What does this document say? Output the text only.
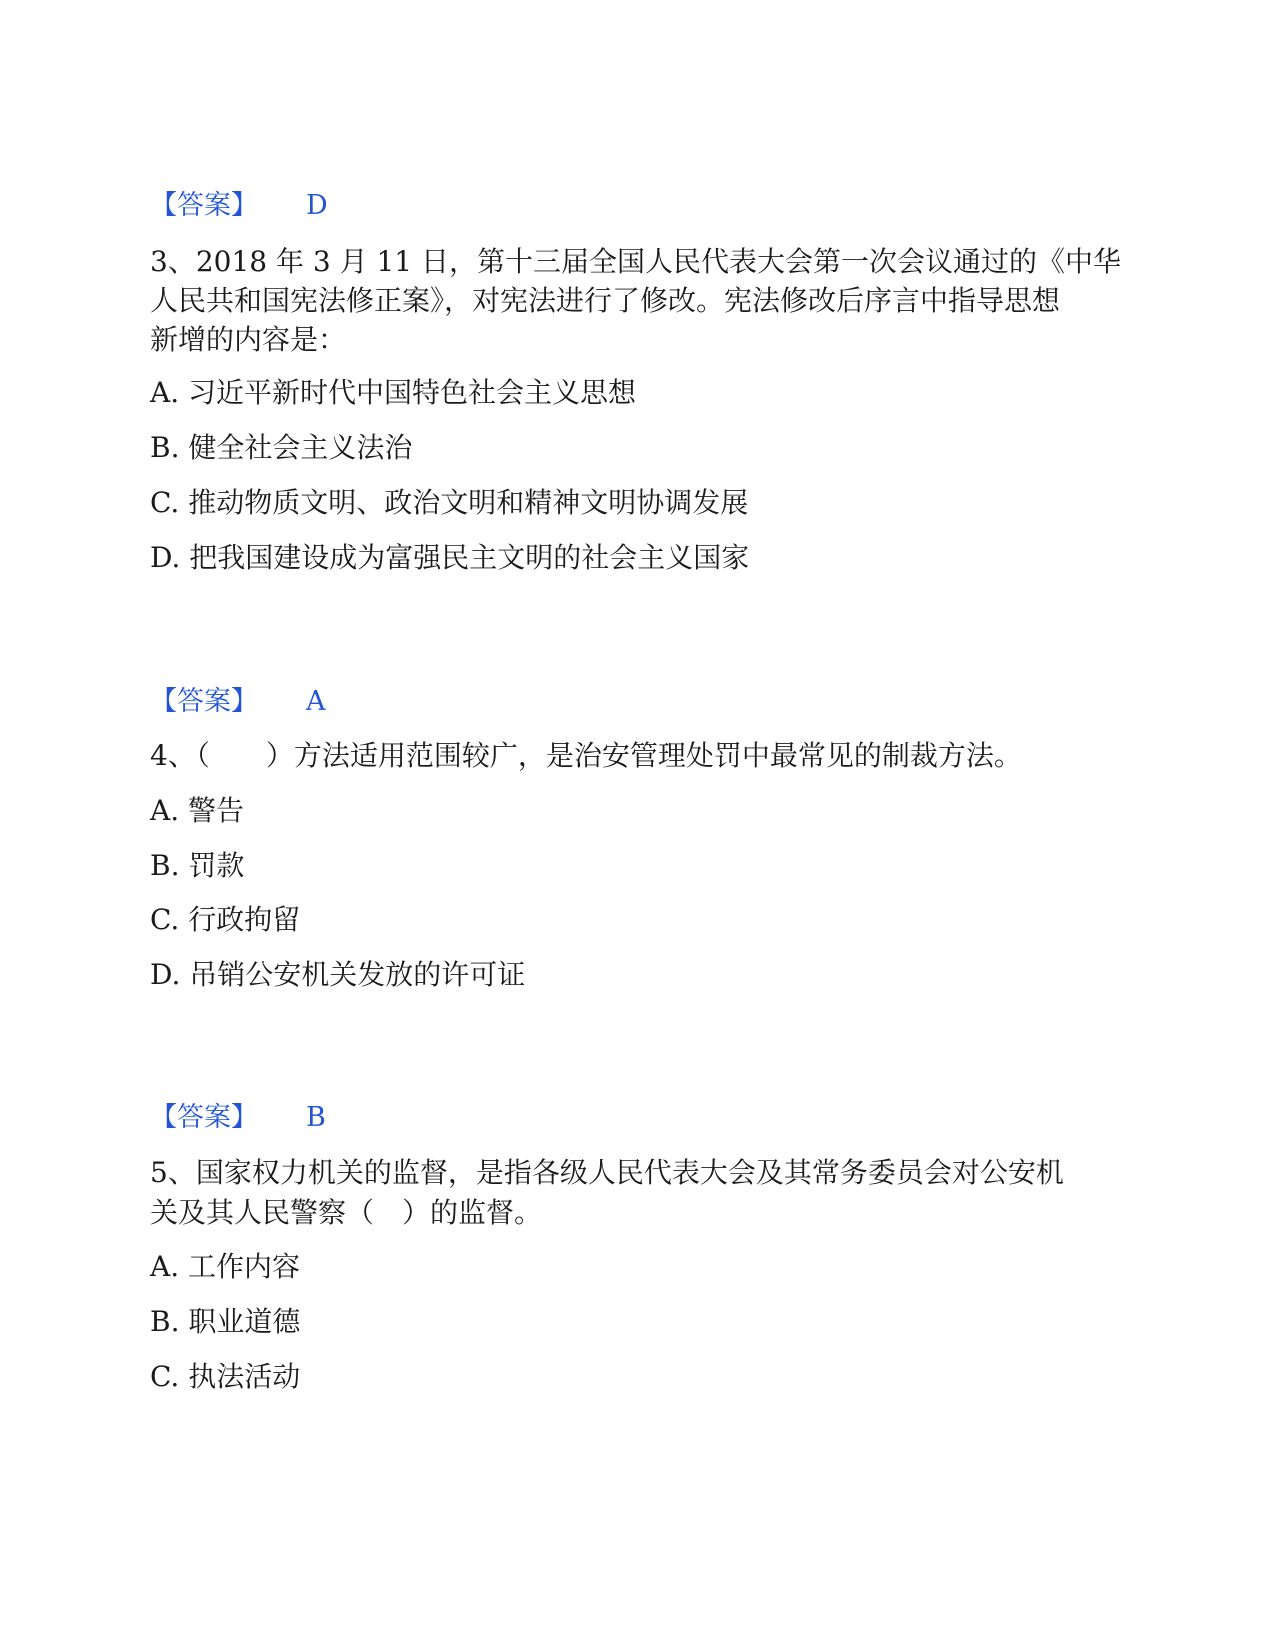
【答案】 D
3、2018 年 3 月 11 日，第十三届全国人民代表大会第一次会议通过的《中华
人民共和国宪法修正案》，对宪法进行了修改。宪法修改后序言中指导思想
新增的内容是：
A. 习近平新时代中国特色社会主义思想
B. 健全社会主义法治
C. 推动物质文明、政治文明和精神文明协调发展
D. 把我国建设成为富强民主文明的社会主义国家
【答案】 A
4、（　　）方法适用范围较广，是治安管理处罚中最常见的制裁方法。
A. 警告
B. 罚款
C. 行政拘留
D. 吊销公安机关发放的许可证
【答案】 B
5、国家权力机关的监督，是指各级人民代表大会及其常务委员会对公安机
关及其人民警察（　）的监督。
A. 工作内容
B. 职业道德
C. 执法活动
